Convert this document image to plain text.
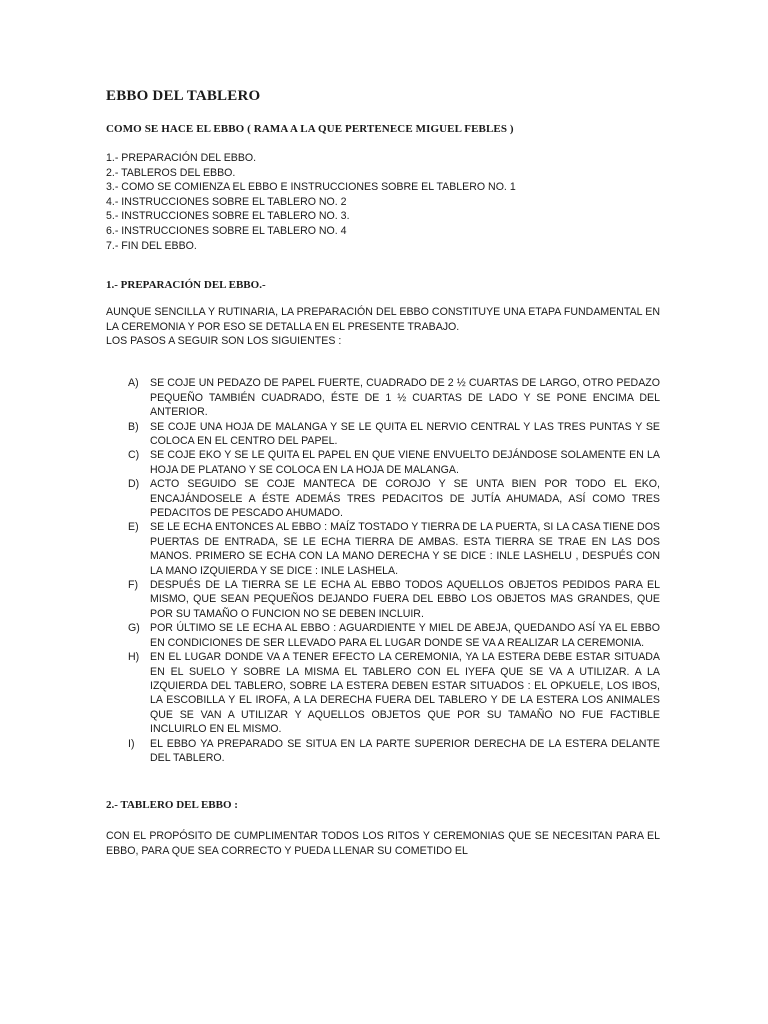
EBBO DEL TABLERO
COMO SE HACE EL EBBO ( RAMA A LA QUE PERTENECE MIGUEL FEBLES )
1.- PREPARACIÓN DEL EBBO.
2.- TABLEROS DEL EBBO.
3.- COMO SE COMIENZA EL EBBO E INSTRUCCIONES SOBRE EL TABLERO NO. 1
4.- INSTRUCCIONES SOBRE EL TABLERO NO. 2
5.- INSTRUCCIONES SOBRE EL TABLERO NO. 3.
6.- INSTRUCCIONES SOBRE EL TABLERO NO. 4
7.- FIN DEL EBBO.
1.- PREPARACIÓN DEL EBBO.-

AUNQUE SENCILLA Y RUTINARIA, LA PREPARACIÓN DEL EBBO CONSTITUYE UNA ETAPA FUNDAMENTAL EN LA CEREMONIA Y POR ESO SE DETALLA EN EL PRESENTE TRABAJO.

LOS PASOS A SEGUIR SON LOS SIGUIENTES :

A)	SE COJE UN PEDAZO DE PAPEL FUERTE, CUADRADO DE 2 ½ CUARTAS DE LARGO, OTRO PEDAZO PEQUEÑO TAMBIÉN CUADRADO, ÉSTE DE 1 ½ CUARTAS DE LADO Y SE PONE ENCIMA DEL ANTERIOR.
B)	SE COJE UNA HOJA DE MALANGA Y SE LE QUITA EL NERVIO CENTRAL Y LAS TRES PUNTAS Y SE COLOCA EN EL CENTRO DEL PAPEL.
C)	SE COJE EKO Y SE LE QUITA EL PAPEL EN QUE VIENE ENVUELTO DEJÁNDOSE SOLAMENTE EN LA HOJA DE PLATANO Y SE COLOCA EN LA HOJA DE MALANGA.
D)	ACTO SEGUIDO SE COJE MANTECA DE COROJO Y SE UNTA BIEN POR TODO EL EKO, ENCAJÁNDOSELE A ÉSTE ADEMÁS TRES PEDACITOS DE JUTÍA AHUMADA, ASÍ COMO TRES PEDACITOS DE PESCADO AHUMADO.
E)	SE LE ECHA ENTONCES AL EBBO : MAÍZ TOSTADO Y TIERRA DE LA PUERTA, SI LA CASA TIENE DOS PUERTAS DE ENTRADA, SE LE ECHA TIERRA DE AMBAS. ESTA TIERRA SE TRAE EN LAS DOS MANOS. PRIMERO SE ECHA CON LA MANO DERECHA Y SE DICE : INLE LASHELU , DESPUÉS CON LA MANO IZQUIERDA Y SE DICE : INLE LASHELA.
F)	DESPUÉS DE LA TIERRA SE LE ECHA AL EBBO TODOS AQUELLOS OBJETOS PEDIDOS PARA EL MISMO, QUE SEAN PEQUEÑOS DEJANDO FUERA DEL EBBO LOS OBJETOS MAS GRANDES, QUE POR SU TAMAÑO O FUNCION NO SE DEBEN INCLUIR.
G) POR ÚLTIMO SE LE ECHA AL EBBO : AGUARDIENTE Y MIEL DE ABEJA, QUEDANDO ASÍ YA EL EBBO EN CONDICIONES DE SER LLEVADO PARA EL LUGAR DONDE SE VA A REALIZAR LA CEREMONIA.
H)	EN EL LUGAR DONDE VA A TENER EFECTO LA CEREMONIA, YA LA ESTERA DEBE ESTAR SITUADA EN EL SUELO Y SOBRE LA MISMA EL TABLERO CON EL IYEFA QUE SE VA A UTILIZAR. A LA IZQUIERDA DEL TABLERO, SOBRE LA ESTERA DEBEN ESTAR SITUADOS : EL OPKUELE, LOS IBOS, LA ESCOBILLA Y EL IROFA, A LA DERECHA FUERA DEL TABLERO Y DE LA ESTERA LOS ANIMALES QUE SE VAN A UTILIZAR Y AQUELLOS OBJETOS QUE POR SU TAMAÑO NO FUE FACTIBLE INCLUIRLO EN EL MISMO.
I)	EL EBBO YA PREPARADO SE SITUA EN LA PARTE SUPERIOR DERECHA DE LA ESTERA DELANTE DEL TABLERO.
2.- TABLERO DEL EBBO :

CON EL PROPÓSITO DE CUMPLIMENTAR TODOS LOS RITOS Y CEREMONIAS QUE SE NECESITAN PARA EL EBBO, PARA QUE SEA CORRECTO Y PUEDA LLENAR SU COMETIDO EL
